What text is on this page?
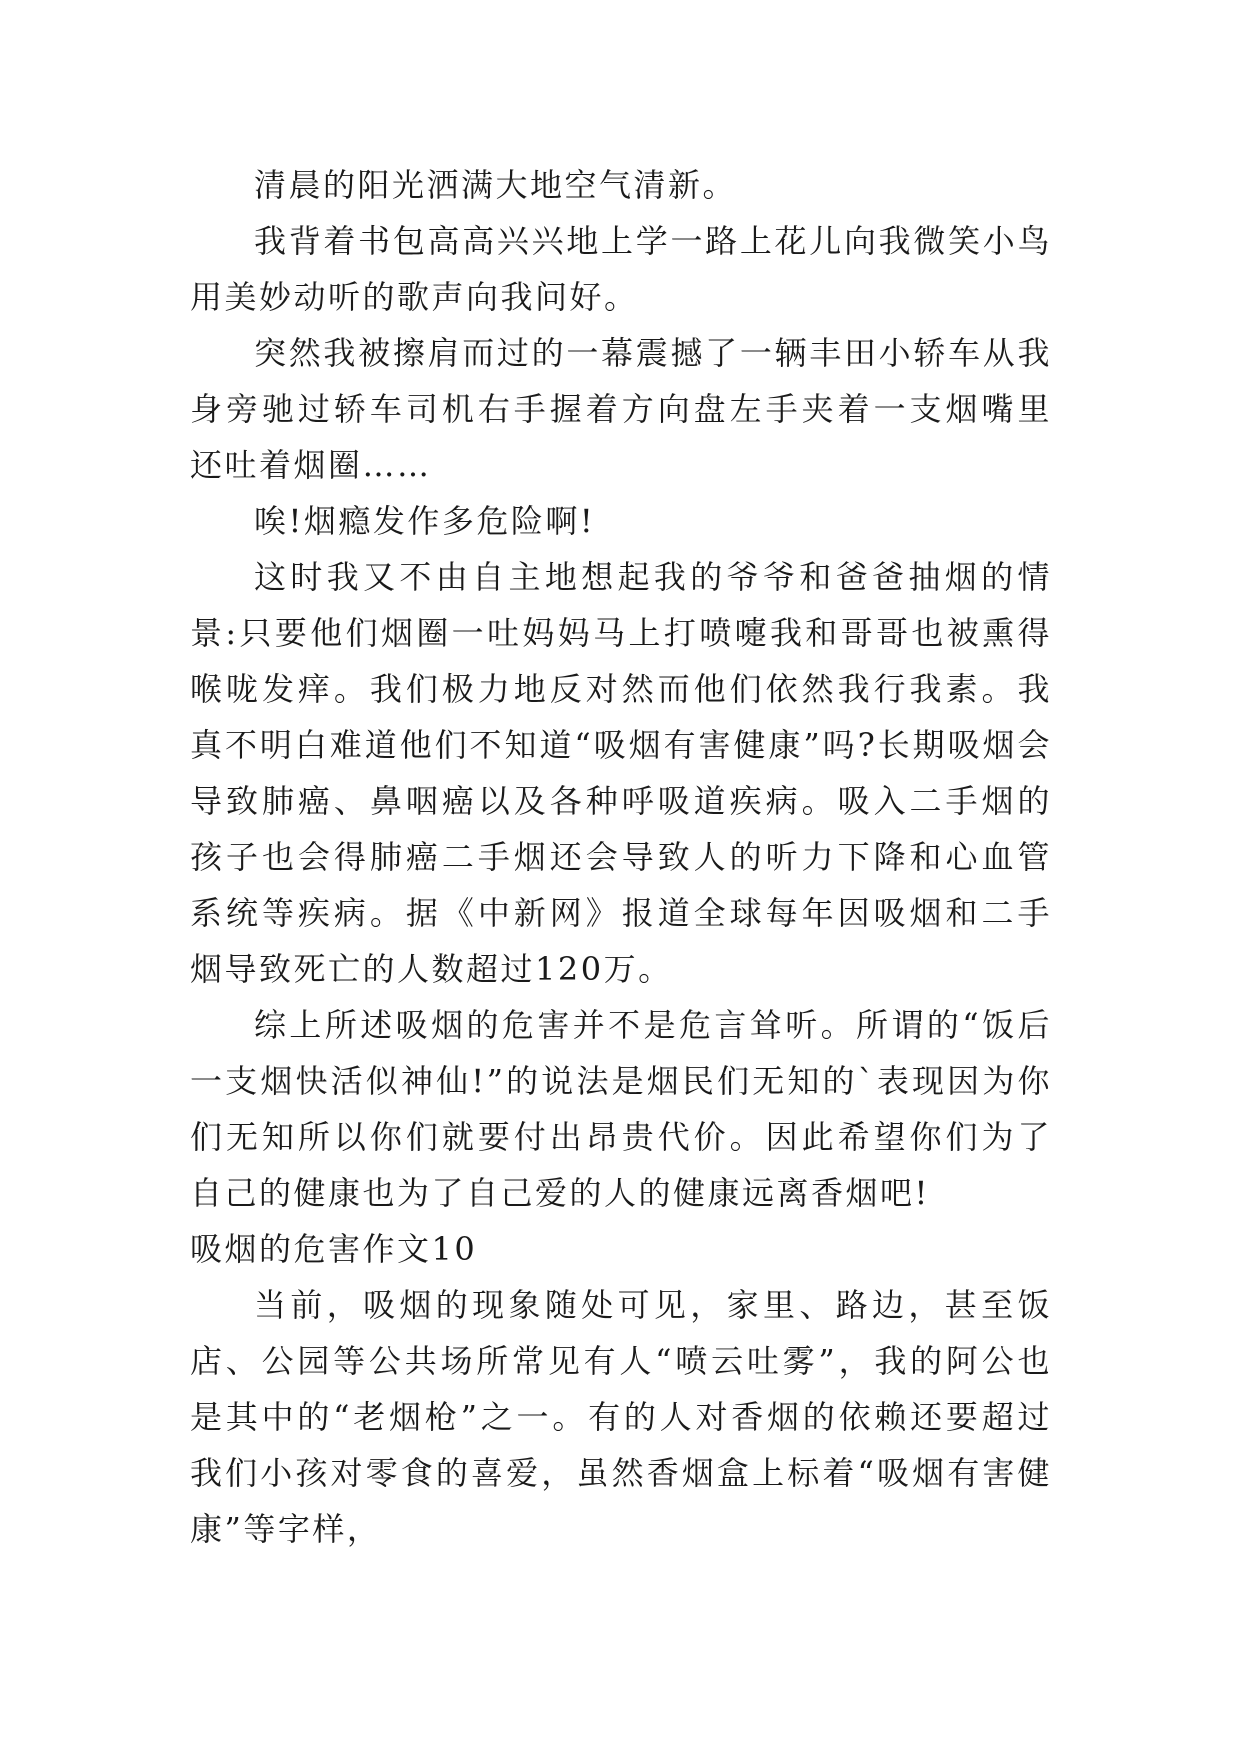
清晨的阳光洒满大地空气清新。

我背着书包高高兴兴地上学一路上花儿向我微笑小鸟用美妙动听的歌声向我问好。

突然我被擦肩而过的一幕震撼了一辆丰田小轿车从我身旁驰过轿车司机右手握着方向盘左手夹着一支烟嘴里还吐着烟圈……

唉!烟瘾发作多危险啊!

这时我又不由自主地想起我的爷爷和爸爸抽烟的情景:只要他们烟圈一吐妈妈马上打喷嚏我和哥哥也被熏得喉咙发痒。我们极力地反对然而他们依然我行我素。我真不明白难道他们不知道“吸烟有害健康”吗?长期吸烟会导致肺癌、鼻咽癌以及各种呼吸道疾病。吸入二手烟的孩子也会得肺癌二手烟还会导致人的听力下降和心血管系统等疾病。据《中新网》报道全球每年因吸烟和二手烟导致死亡的人数超过120万。

综上所述吸烟的危害并不是危言耸听。所谓的“饭后一支烟快活似神仙!”的说法是烟民们无知的`表现因为你们无知所以你们就要付出昂贵代价。因此希望你们为了自己的健康也为了自己爱的人的健康远离香烟吧!

吸烟的危害作文10

当前，吸烟的现象随处可见，家里、路边，甚至饭店、公园等公共场所常见有人“喷云吐雾”，我的阿公也是其中的“老烟枪”之一。有的人对香烟的依赖还要超过我们小孩对零食的喜爱，虽然香烟盒上标着“吸烟有害健康”等字样，
